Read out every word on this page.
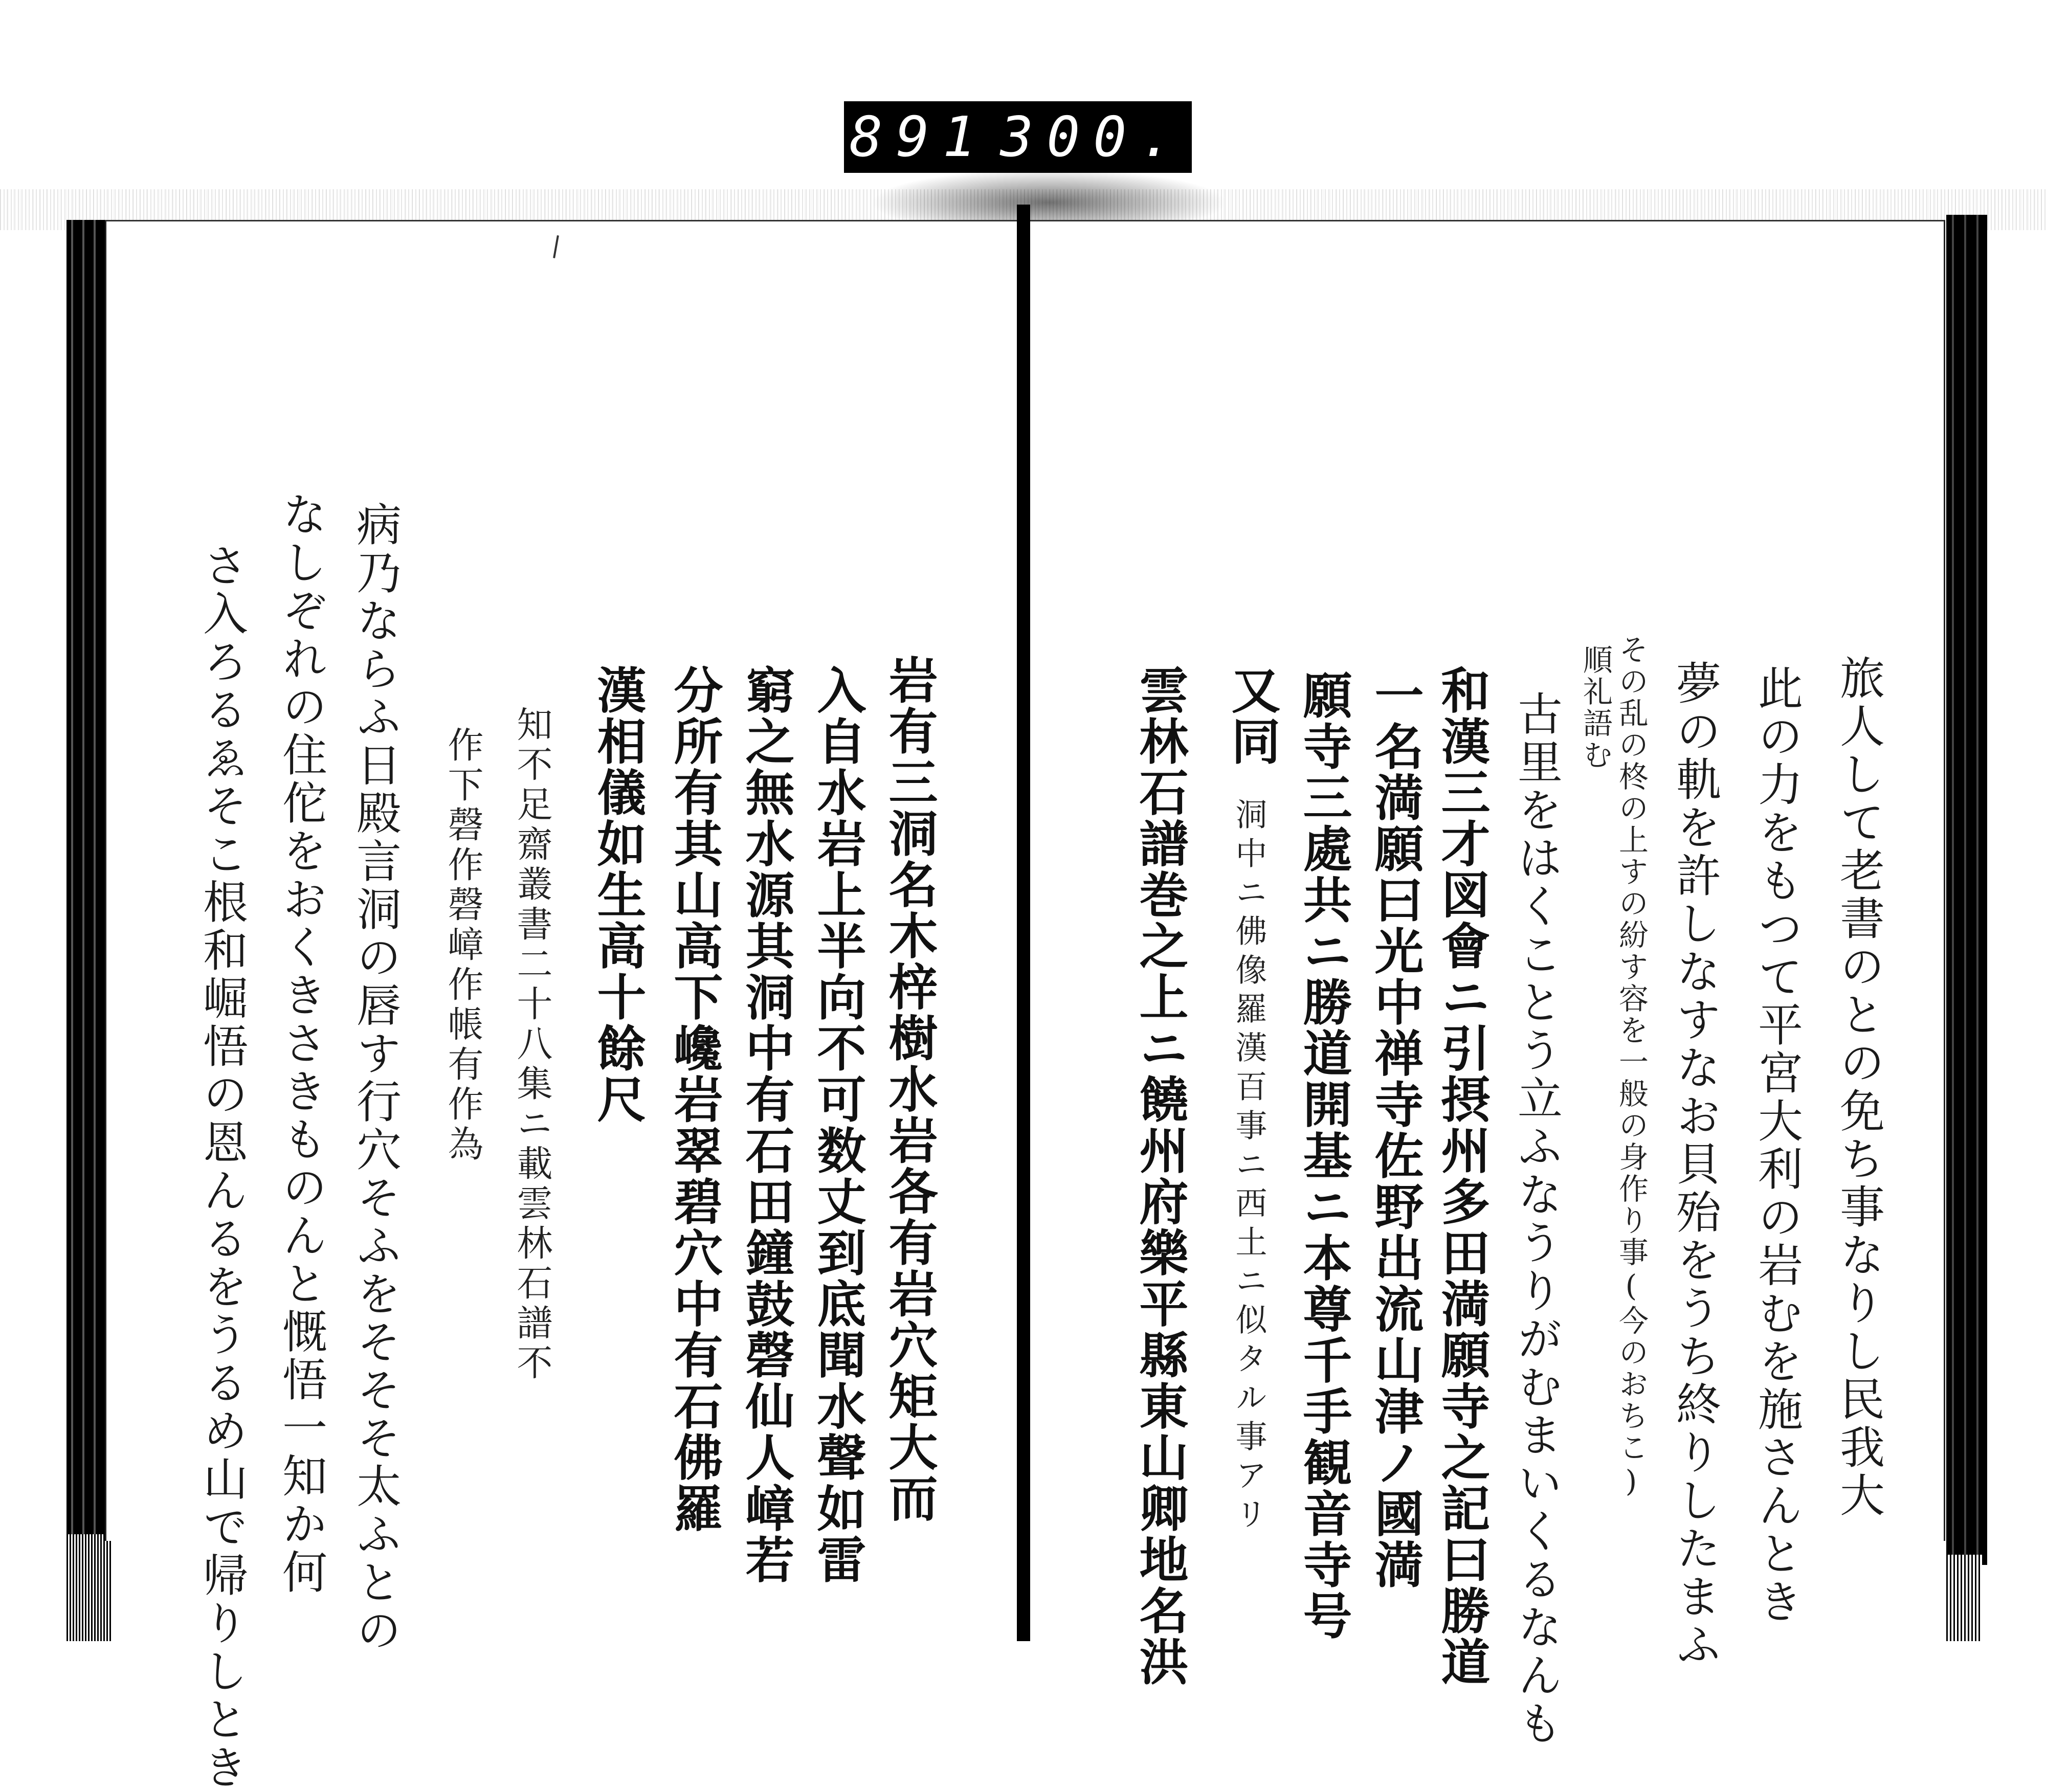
891 300.
旅人して老書のとの免ち事なりし民我大
此の力をもつて平宮大利の岩むを施さんとき
夢の軌を許しなすなお貝殆をうち終りしたまふ
その乱の柊の上すの紛す容を一般の身作り事(今のおちこ)
順礼語む
古里をはくことう立ふなうりがむまいくるなんも
和漢三才図會ニ引摂州多田満願寺之記曰勝道
一名満願曰光中禅寺佐野出流山津ノ國満
願寺三處共ニ勝道開基ニ本尊千手観音寺号
又同
洞中ニ佛像羅漢百事ニ西土ニ似タル事アリ
雲林石譜巻之上ニ饒州府樂平縣東山卿地名洪
岩有三洞名木梓樹水岩各有岩穴矩大而
入自水岩上半向不可数丈到底聞水聲如雷
窮之無水源其洞中有石田鐘鼓磬仙人嶂若
分所有其山高下巉岩翠碧穴中有石佛羅
漢相儀如生高十餘尺
知不足齋叢書二十八集ニ載雲林石譜不
作下磬作磬嶂作帳有作為
病乃ならふ日殿言洞の唇す行穴そふをそそそ太ふとの
なしぞれの住佗をおくきさきものんと慨悟一知か何
さ入ろるゑそこ根和崛悟の恩んるをうるめ山で帰りしとき
